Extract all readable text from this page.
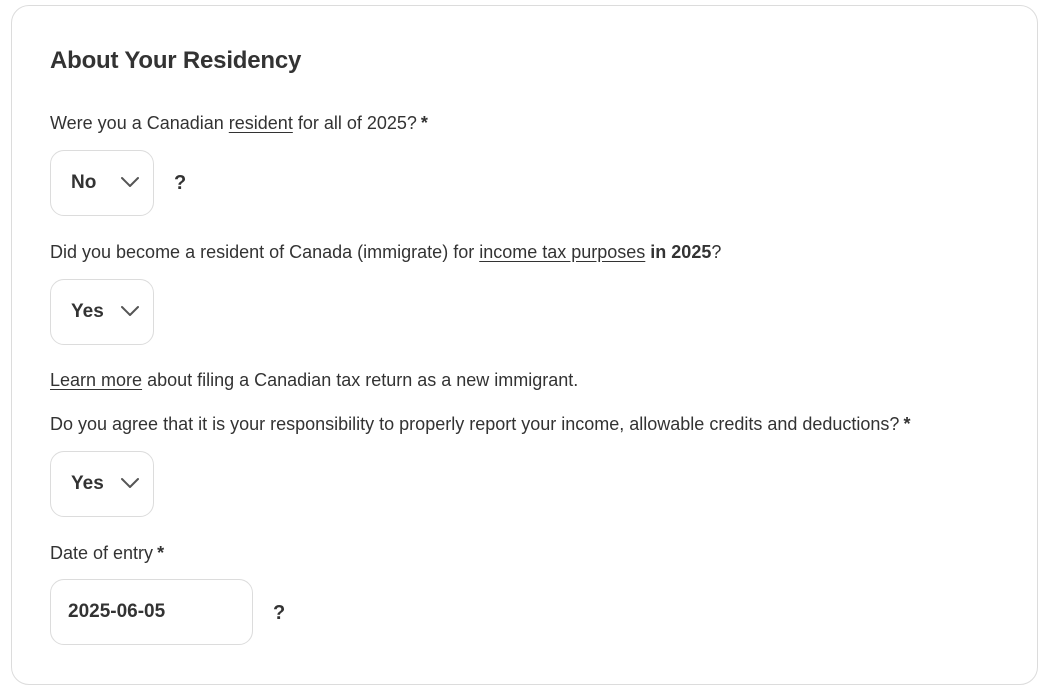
About Your Residency
Were you a Canadian resident for all of 2025? *
No	?
Did you become a resident of Canada (immigrate) for income tax purposes in 2025?
Yes
Learn more about filing a Canadian tax return as a new immigrant.
Do you agree that it is your responsibility to properly report your income, allowable credits and deductions? *
Yes
Date of entry *
2025-06-05
?
